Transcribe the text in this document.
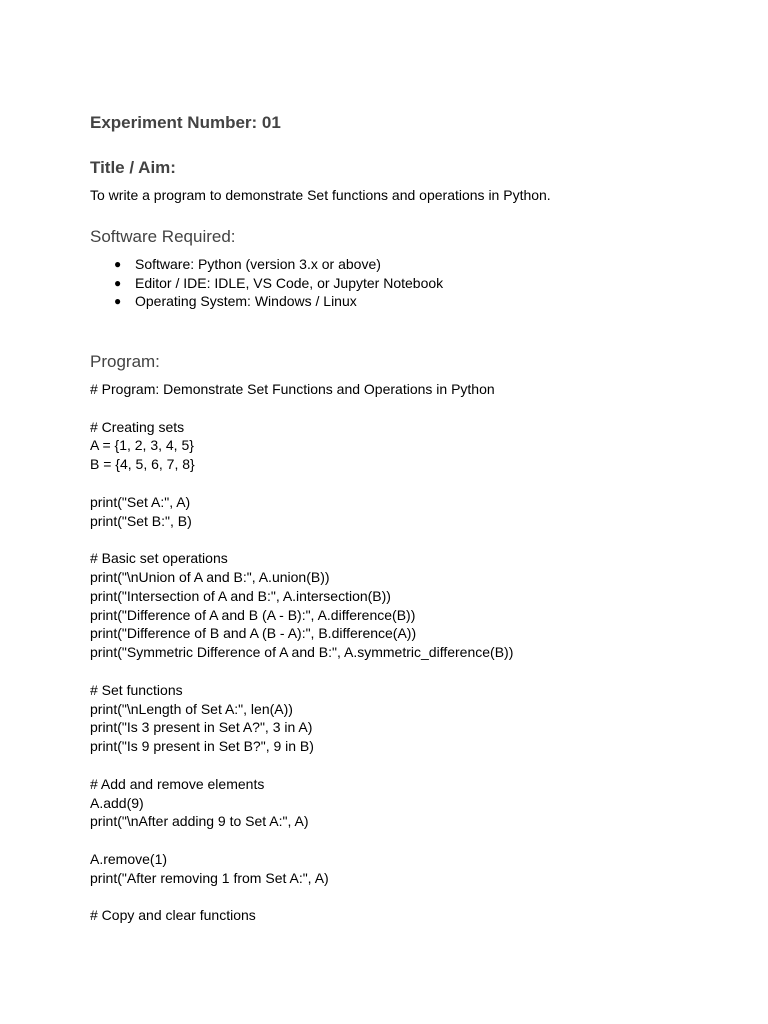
Experiment Number: 01
Title / Aim:
To write a program to demonstrate Set functions and operations in Python.
Software Required:
● Software: Python (version 3.x or above)
● Editor / IDE: IDLE, VS Code, or Jupyter Notebook
● Operating System: Windows / Linux
Program:
# Program: Demonstrate Set Functions and Operations in Python
# Creating sets
A = {1, 2, 3, 4, 5}
B = {4, 5, 6, 7, 8}
print("Set A:", A)
print("Set B:", B)
# Basic set operations
print("\nUnion of A and B:", A.union(B))
print("Intersection of A and B:", A.intersection(B))
print("Difference of A and B (A - B):", A.difference(B))
print("Difference of B and A (B - A):", B.difference(A))
print("Symmetric Difference of A and B:", A.symmetric_difference(B))
# Set functions
print("\nLength of Set A:", len(A))
print("Is 3 present in Set A?", 3 in A)
print("Is 9 present in Set B?", 9 in B)
# Add and remove elements
A.add(9)
print("\nAfter adding 9 to Set A:", A)
A.remove(1)
print("After removing 1 from Set A:", A)
# Copy and clear functions
